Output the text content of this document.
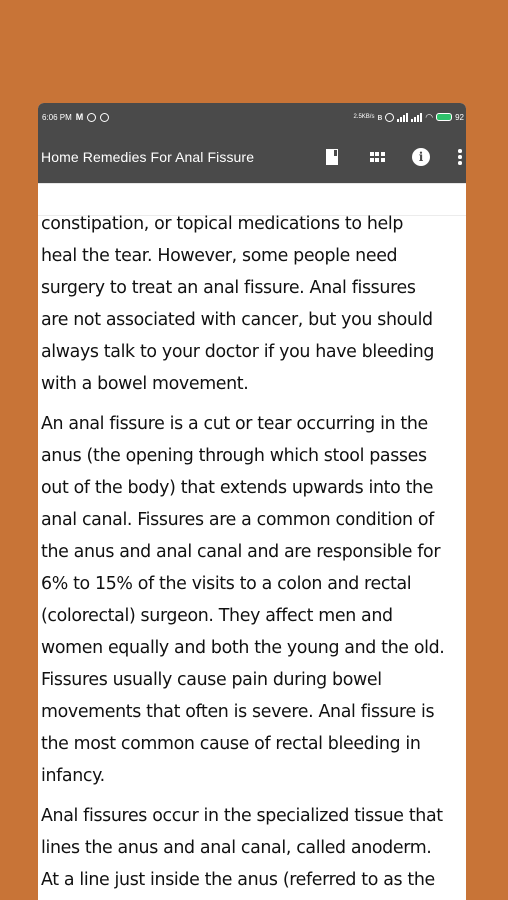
6:06 PM M	2.5KB/s ʙ	◠	92
Home Remedies For Anal Fissure	i
constipation, or topical medications to help
heal the tear. However, some people need
surgery to treat an anal fissure. Anal fissures
are not associated with cancer, but you should
always talk to your doctor if you have bleeding
with a bowel movement.
An anal fissure is a cut or tear occurring in the
anus (the opening through which stool passes
out of the body) that extends upwards into the
anal canal. Fissures are a common condition of
the anus and anal canal and are responsible for
6% to 15% of the visits to a colon and rectal
(colorectal) surgeon. They affect men and
women equally and both the young and the old.
Fissures usually cause pain during bowel
movements that often is severe. Anal fissure is
the most common cause of rectal bleeding in
infancy.
Anal fissures occur in the specialized tissue that
lines the anus and anal canal, called anoderm.
At a line just inside the anus (referred to as the
